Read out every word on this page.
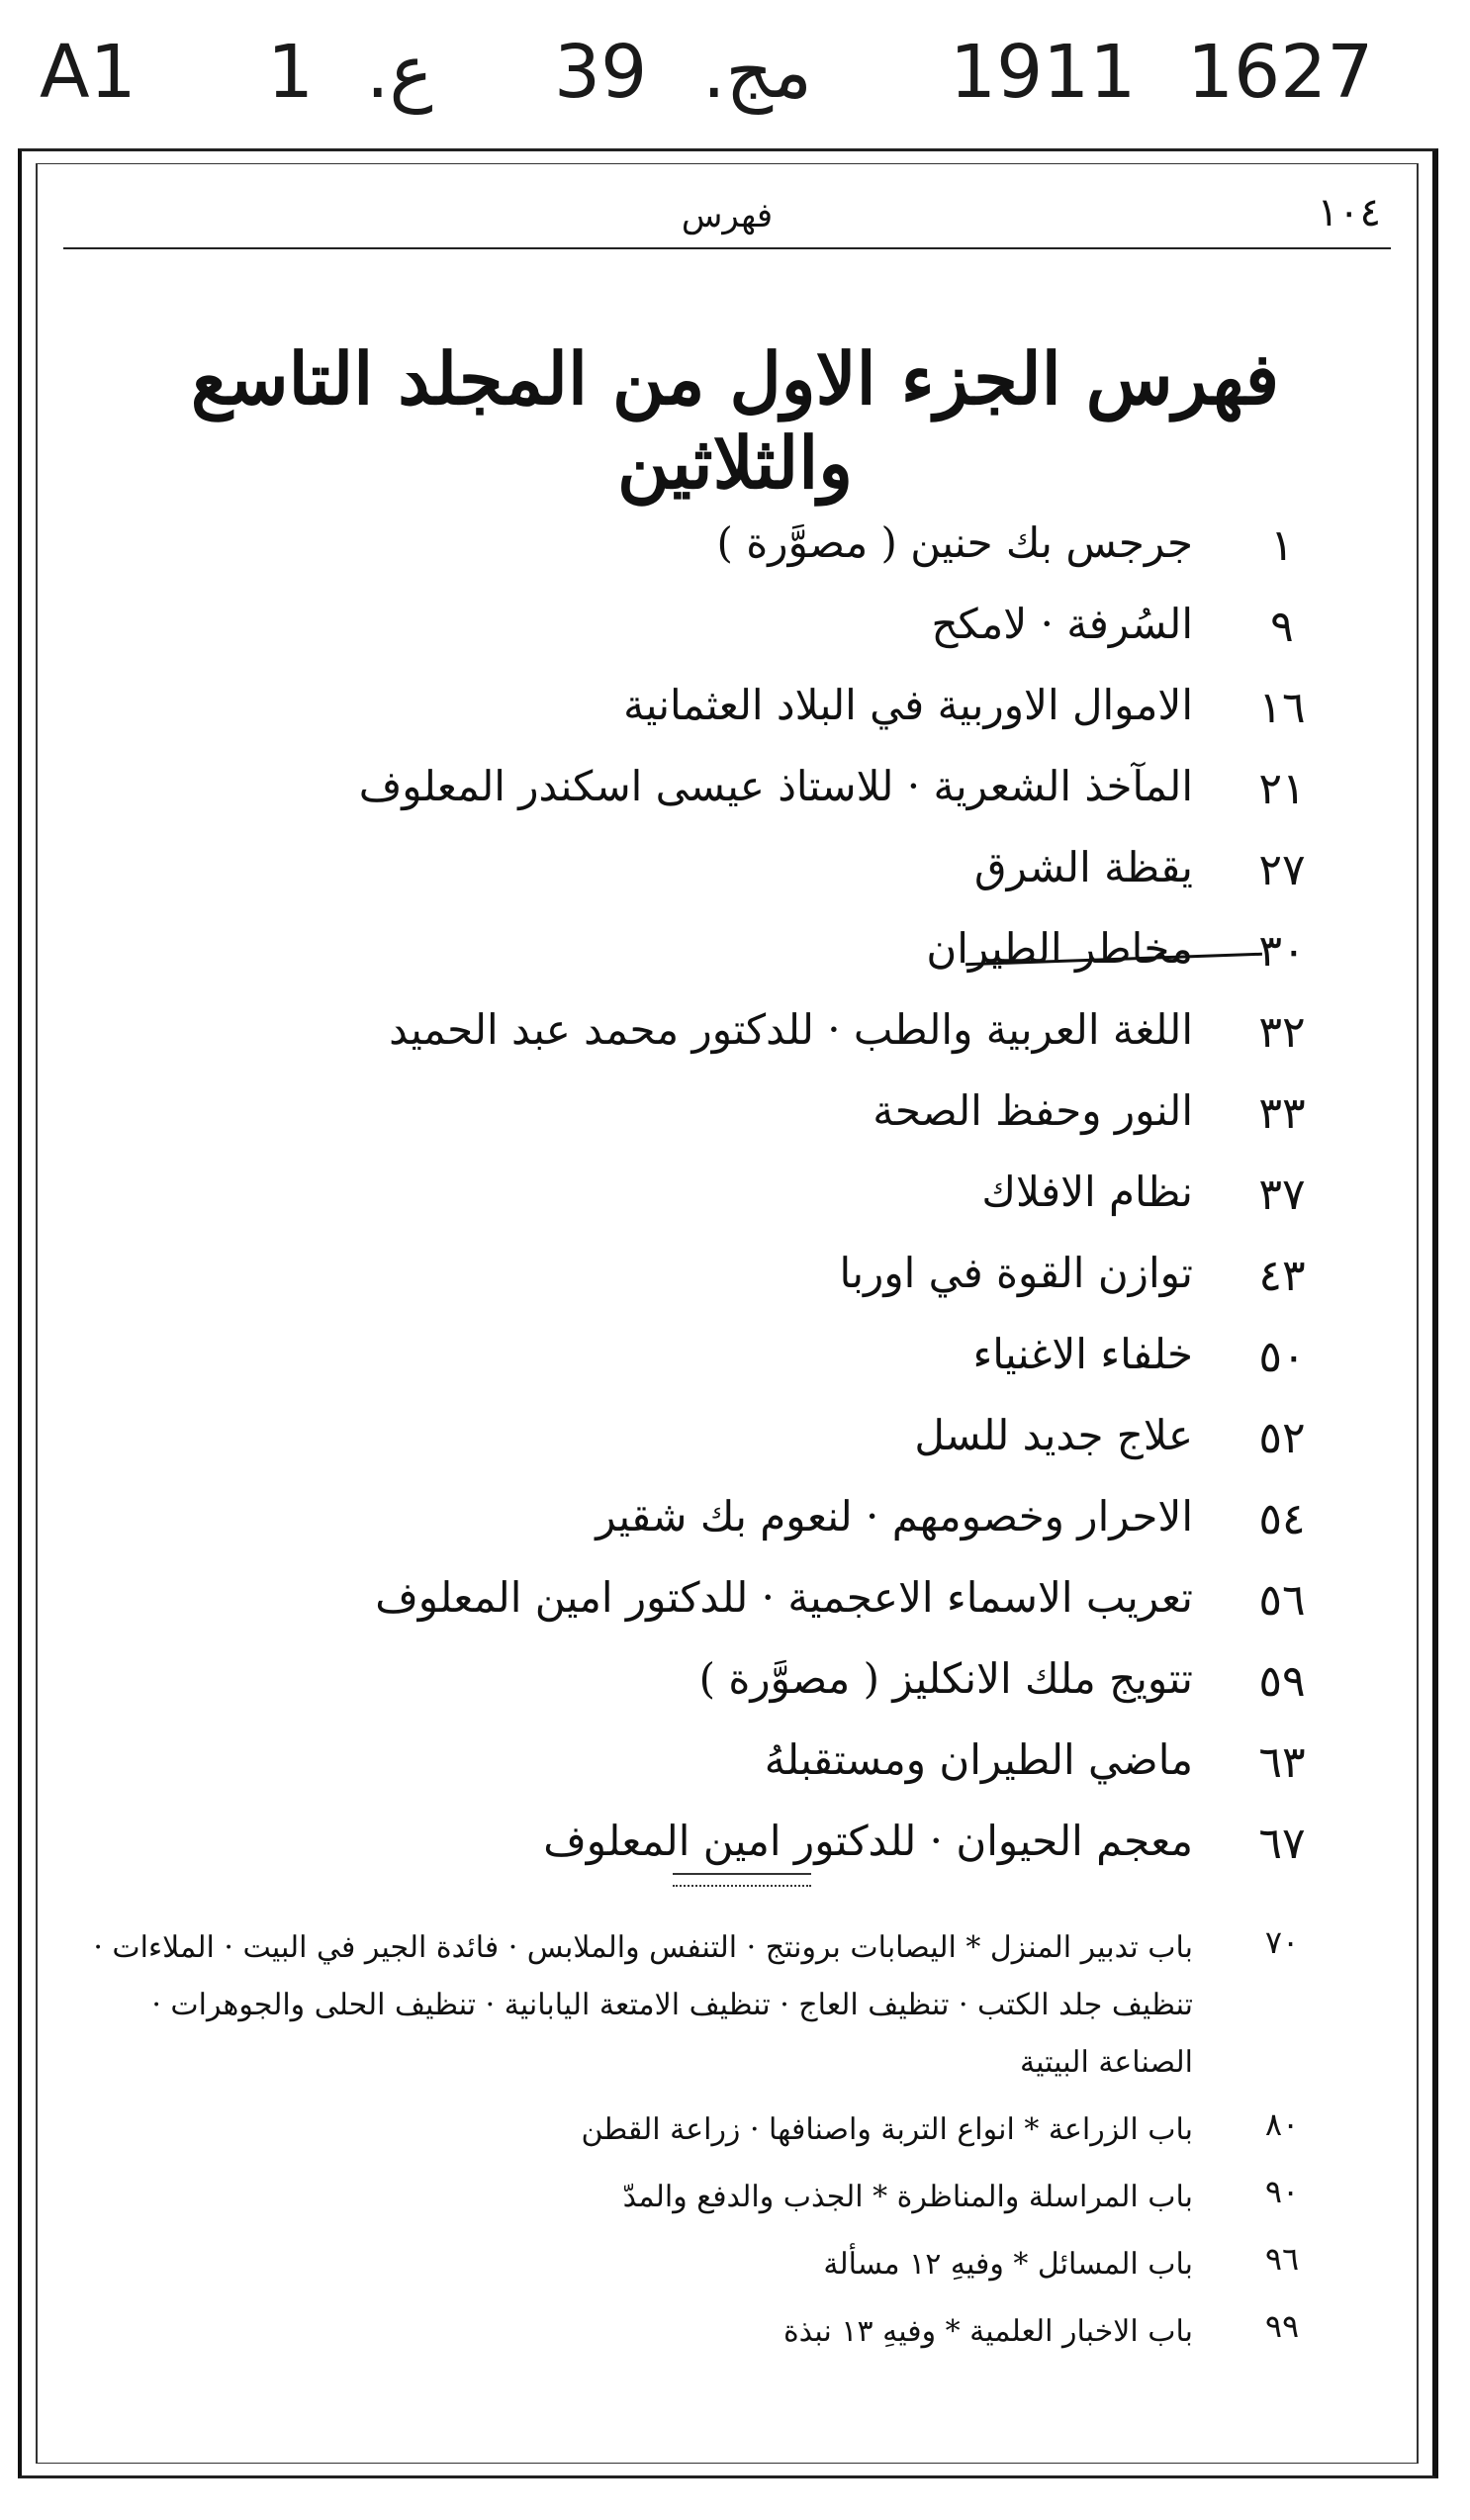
A1 1 .ع 39 .مج 1911 1627
١٠٤
فهرس
فهرس الجزء الاول من المجلد التاسع والثلاثين
١
جرجس بك حنين ( مصوَّرة )
٩
السُرفة · لامكح
١٦
الاموال الاوربية في البلاد العثمانية
٢١
المآخذ الشعرية · للاستاذ عيسى اسكندر المعلوف
٢٧
يقظة الشرق
٣٠
مخاطر الطيران
٣٢
اللغة العربية والطب · للدكتور محمد عبد الحميد
٣٣
النور وحفظ الصحة
٣٧
نظام الافلاك
٤٣
توازن القوة في اوربا
٥٠
خلفاء الاغنياء
٥٢
علاج جديد للسل
٥٤
الاحرار وخصومهم · لنعوم بك شقير
٥٦
تعريب الاسماء الاعجمية · للدكتور امين المعلوف
٥٩
تتويج ملك الانكليز ( مصوَّرة )
٦٣
ماضي الطيران ومستقبلهُ
٦٧
معجم الحيوان · للدكتور امين المعلوف
٧٠
باب تدبير المنزل * اليصابات برونتج · التنفس والملابس · فائدة الجير في البيت · الملاءات ·
تنظيف جلد الكتب · تنظيف العاج · تنظيف الامتعة اليابانية · تنظيف الحلى والجوهرات ·
الصناعة البيتية
٨٠
باب الزراعة * انواع التربة واصنافها · زراعة القطن
٩٠
باب المراسلة والمناظرة * الجذب والدفع والمدّ
٩٦
باب المسائل * وفيهِ ١٢ مسألة
٩٩
باب الاخبار العلمية * وفيهِ ١٣ نبذة
